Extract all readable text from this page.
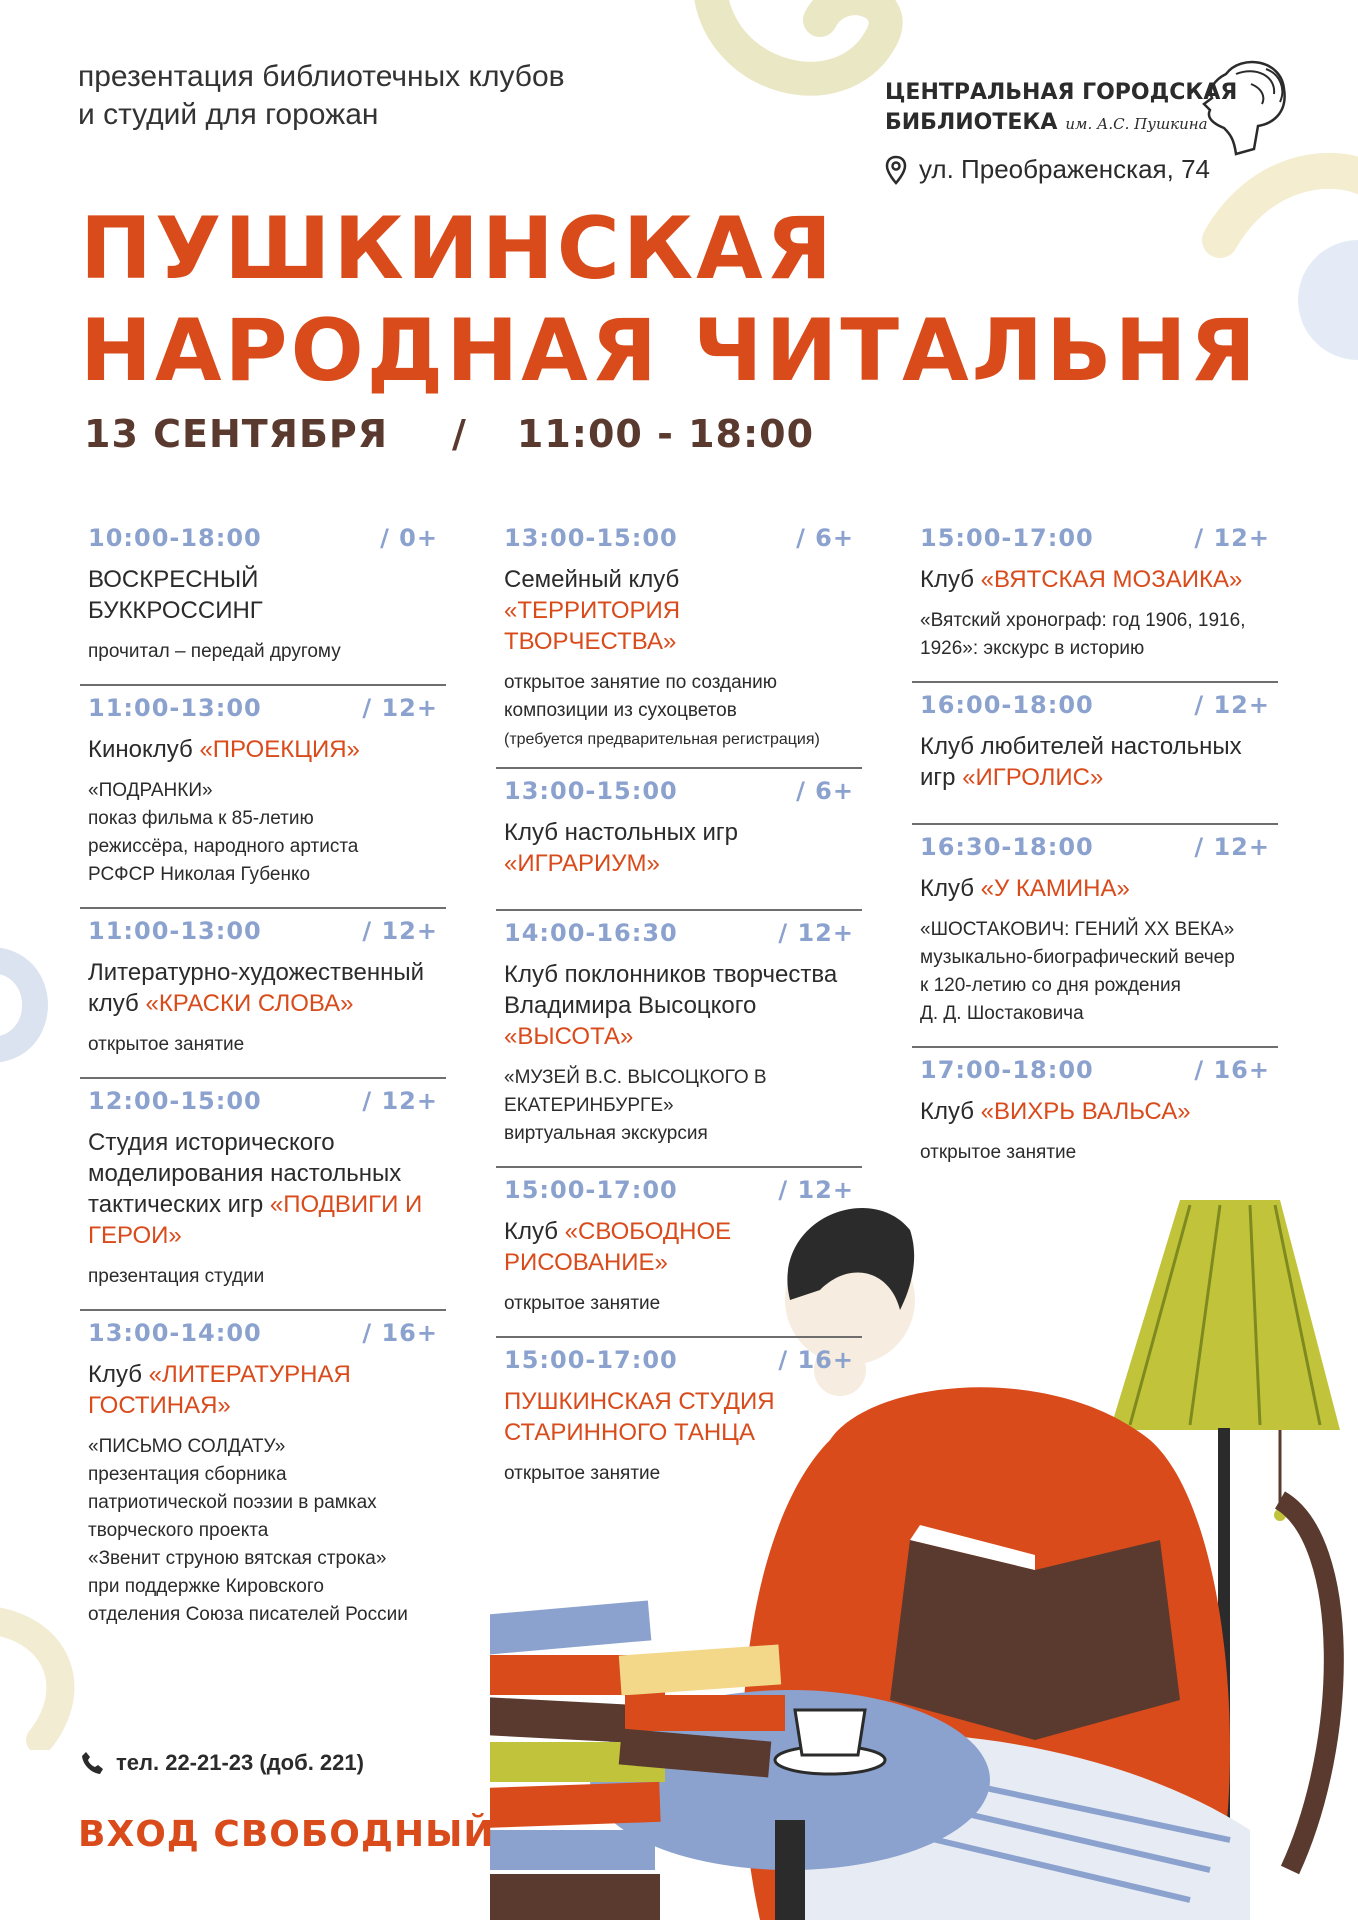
презентация библиотечных клубов
и студий для горожан
ЦЕНТРАЛЬНАЯ ГОРОДСКАЯ
БИБЛИОТЕКА им. А.С. Пушкина
ул. Преображенская, 74
ПУШКИНСКАЯ
НАРОДНАЯ ЧИТАЛЬНЯ
13 СЕНТЯБРЯ / 11:00 - 18:00
10:00-18:00	/ 0+
ВОСКРЕСНЫЙ БУККРОССИНГ
прочитал – передай другому
11:00-13:00	/ 12+
Киноклуб «ПРОЕКЦИЯ»
«ПОДРАНКИ»
показ фильма к 85-летию
режиссёра, народного артиста
РСФСР Николая Губенко
11:00-13:00	/ 12+
Литературно-художественный клуб «КРАСКИ СЛОВА»
открытое занятие
12:00-15:00	/ 12+
Студия исторического моделирования настольных тактических игр «ПОДВИГИ И ГЕРОИ»
презентация студии
13:00-14:00	/ 16+
Клуб «ЛИТЕРАТУРНАЯ ГОСТИНАЯ»
«ПИСЬМО СОЛДАТУ»
презентация сборника
патриотической поэзии в рамках
творческого проекта
«Звенит струною вятская строка»
при поддержке Кировского
отделения Союза писателей России
13:00-15:00	/ 6+
Семейный клуб «ТЕРРИТОРИЯ ТВОРЧЕСТВА»
открытое занятие по созданию
композиции из сухоцветов
(требуется предварительная регистрация)
13:00-15:00	/ 6+
Клуб настольных игр «ИГРАРИУМ»
14:00-16:30	/ 12+
Клуб поклонников творчества Владимира Высоцкого «ВЫСОТА»
«МУЗЕЙ В.С. ВЫСОЦКОГО В
ЕКАТЕРИНБУРГЕ»
виртуальная экскурсия
15:00-17:00	/ 12+
Клуб «СВОБОДНОЕ РИСОВАНИЕ»
открытое занятие
15:00-17:00	/ 16+
ПУШКИНСКАЯ СТУДИЯ СТАРИННОГО ТАНЦА
открытое занятие
15:00-17:00	/ 12+
Клуб «ВЯТСКАЯ МОЗАИКА»
«Вятский хронограф: год 1906, 1916,
1926»: экскурс в историю
16:00-18:00	/ 12+
Клуб любителей настольных игр «ИГРОЛИС»
16:30-18:00	/ 12+
Клуб «У КАМИНА»
«ШОСТАКОВИЧ: ГЕНИЙ XX ВЕКА»
музыкально-биографический вечер
к 120-летию со дня рождения
Д. Д. Шостаковича
17:00-18:00	/ 16+
Клуб «ВИХРЬ ВАЛЬСА»
открытое занятие
тел. 22-21-23 (доб. 221)
ВХОД СВОБОДНЫЙ
